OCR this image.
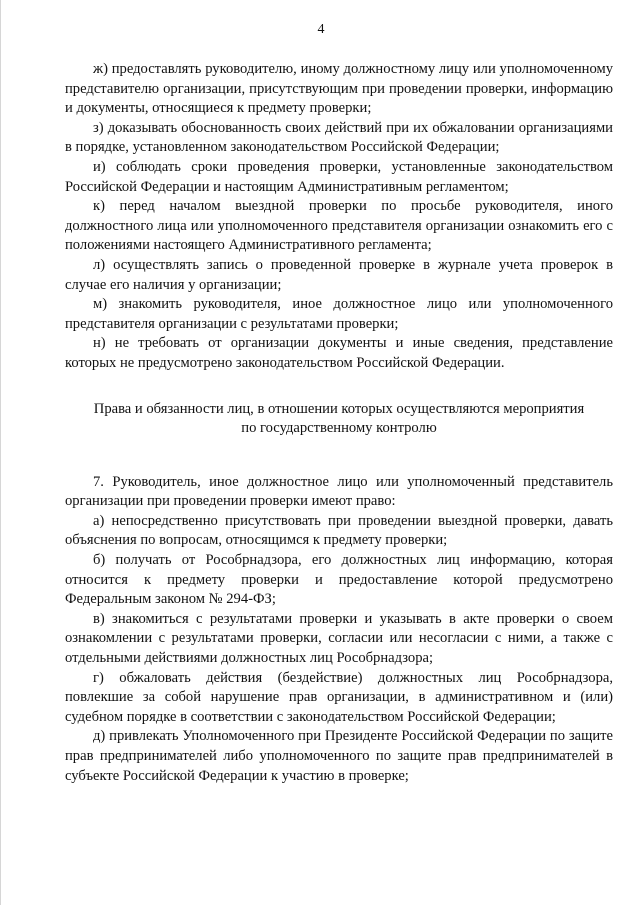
4

ж) предоставлять руководителю, иному должностному лицу или уполномоченному представителю организации, присутствующим при проведении проверки, информацию и документы, относящиеся к предмету проверки;

з) доказывать обоснованность своих действий при их обжаловании организациями в порядке, установленном законодательством Российской Федерации;

и) соблюдать сроки проведения проверки, установленные законодательством Российской Федерации и настоящим Административным регламентом;

к) перед началом выездной проверки по просьбе руководителя, иного должностного лица или уполномоченного представителя организации ознакомить его с положениями настоящего Административного регламента;

л) осуществлять запись о проведенной проверке в журнале учета проверок в случае его наличия у организации;

м) знакомить руководителя, иное должностное лицо или уполномоченного представителя организации с результатами проверки;

н) не требовать от организации документы и иные сведения, представление которых не предусмотрено законодательством Российской Федерации.

Права и обязанности лиц, в отношении которых осуществляются мероприятия
по государственному контролю

7. Руководитель, иное должностное лицо или уполномоченный представитель организации при проведении проверки имеют право:

а) непосредственно присутствовать при проведении выездной проверки, давать объяснения по вопросам, относящимся к предмету проверки;

б) получать от Рособрнадзора, его должностных лиц информацию, которая относится к предмету проверки и предоставление которой предусмотрено Федеральным законом № 294-ФЗ;

в) знакомиться с результатами проверки и указывать в акте проверки о своем ознакомлении с результатами проверки, согласии или несогласии с ними, а также с отдельными действиями должностных лиц Рособрнадзора;

г) обжаловать действия (бездействие) должностных лиц Рособрнадзора, повлекшие за собой нарушение прав организации, в административном и (или) судебном порядке в соответствии с законодательством Российской Федерации;

д) привлекать Уполномоченного при Президенте Российской Федерации по защите прав предпринимателей либо уполномоченного по защите прав предпринимателей в субъекте Российской Федерации к участию в проверке;
